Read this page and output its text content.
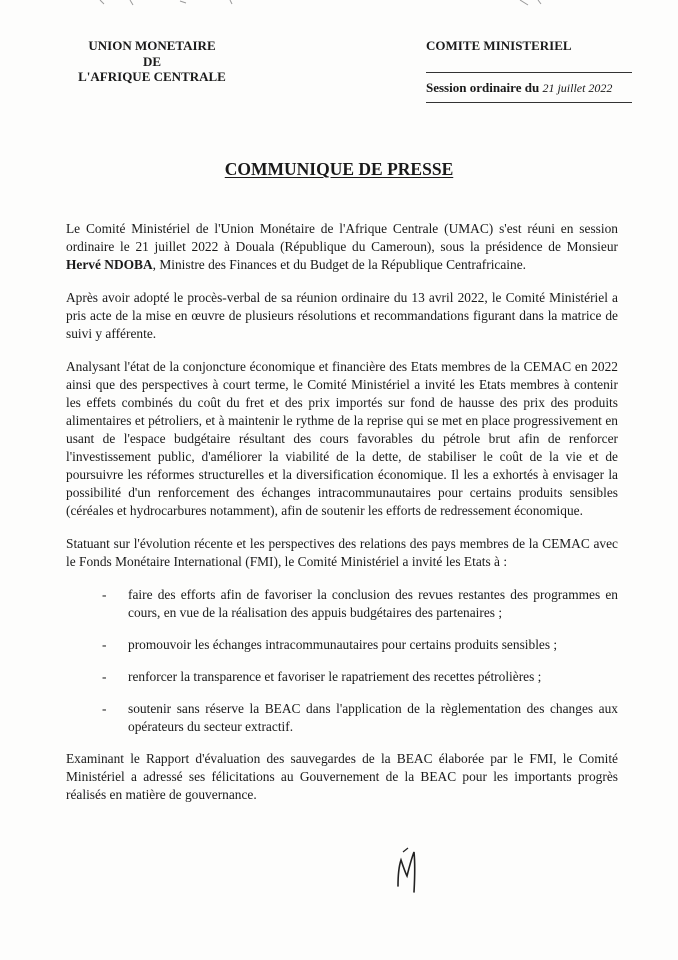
UNION MONETAIRE
DE
L'AFRIQUE CENTRALE
COMITE MINISTERIEL
Session ordinaire du 21 juillet 2022
COMMUNIQUE DE PRESSE

Le Comité Ministériel de l'Union Monétaire de l'Afrique Centrale (UMAC) s'est réuni en session ordinaire le 21 juillet 2022 à Douala (République du Cameroun), sous la présidence de Monsieur Hervé NDOBA, Ministre des Finances et du Budget de la République Centrafricaine.

Après avoir adopté le procès-verbal de sa réunion ordinaire du 13 avril 2022, le Comité Ministériel a pris acte de la mise en œuvre de plusieurs résolutions et recommandations figurant dans la matrice de suivi y afférente.

Analysant l'état de la conjoncture économique et financière des Etats membres de la CEMAC en 2022 ainsi que des perspectives à court terme, le Comité Ministériel a invité les Etats membres à contenir les effets combinés du coût du fret et des prix importés sur fond de hausse des prix des produits alimentaires et pétroliers, et à maintenir le rythme de la reprise qui se met en place progressivement en usant de l'espace budgétaire résultant des cours favorables du pétrole brut afin de renforcer l'investissement public, d'améliorer la viabilité de la dette, de stabiliser le coût de la vie et de poursuivre les réformes structurelles et la diversification économique. Il les a exhortés à envisager la possibilité d'un renforcement des échanges intracommunautaires pour certains produits sensibles (céréales et hydrocarbures notamment), afin de soutenir les efforts de redressement économique.

Statuant sur l'évolution récente et les perspectives des relations des pays membres de la CEMAC avec le Fonds Monétaire International (FMI), le Comité Ministériel a invité les Etats à :

- faire des efforts afin de favoriser la conclusion des revues restantes des programmes en cours, en vue de la réalisation des appuis budgétaires des partenaires ;
- promouvoir les échanges intracommunautaires pour certains produits sensibles ;
- renforcer la transparence et favoriser le rapatriement des recettes pétrolières ;
- soutenir sans réserve la BEAC dans l'application de la règlementation des changes aux opérateurs du secteur extractif.

Examinant le Rapport d'évaluation des sauvegardes de la BEAC élaborée par le FMI, le Comité Ministériel a adressé ses félicitations au Gouvernement de la BEAC pour les importants progrès réalisés en matière de gouvernance.
